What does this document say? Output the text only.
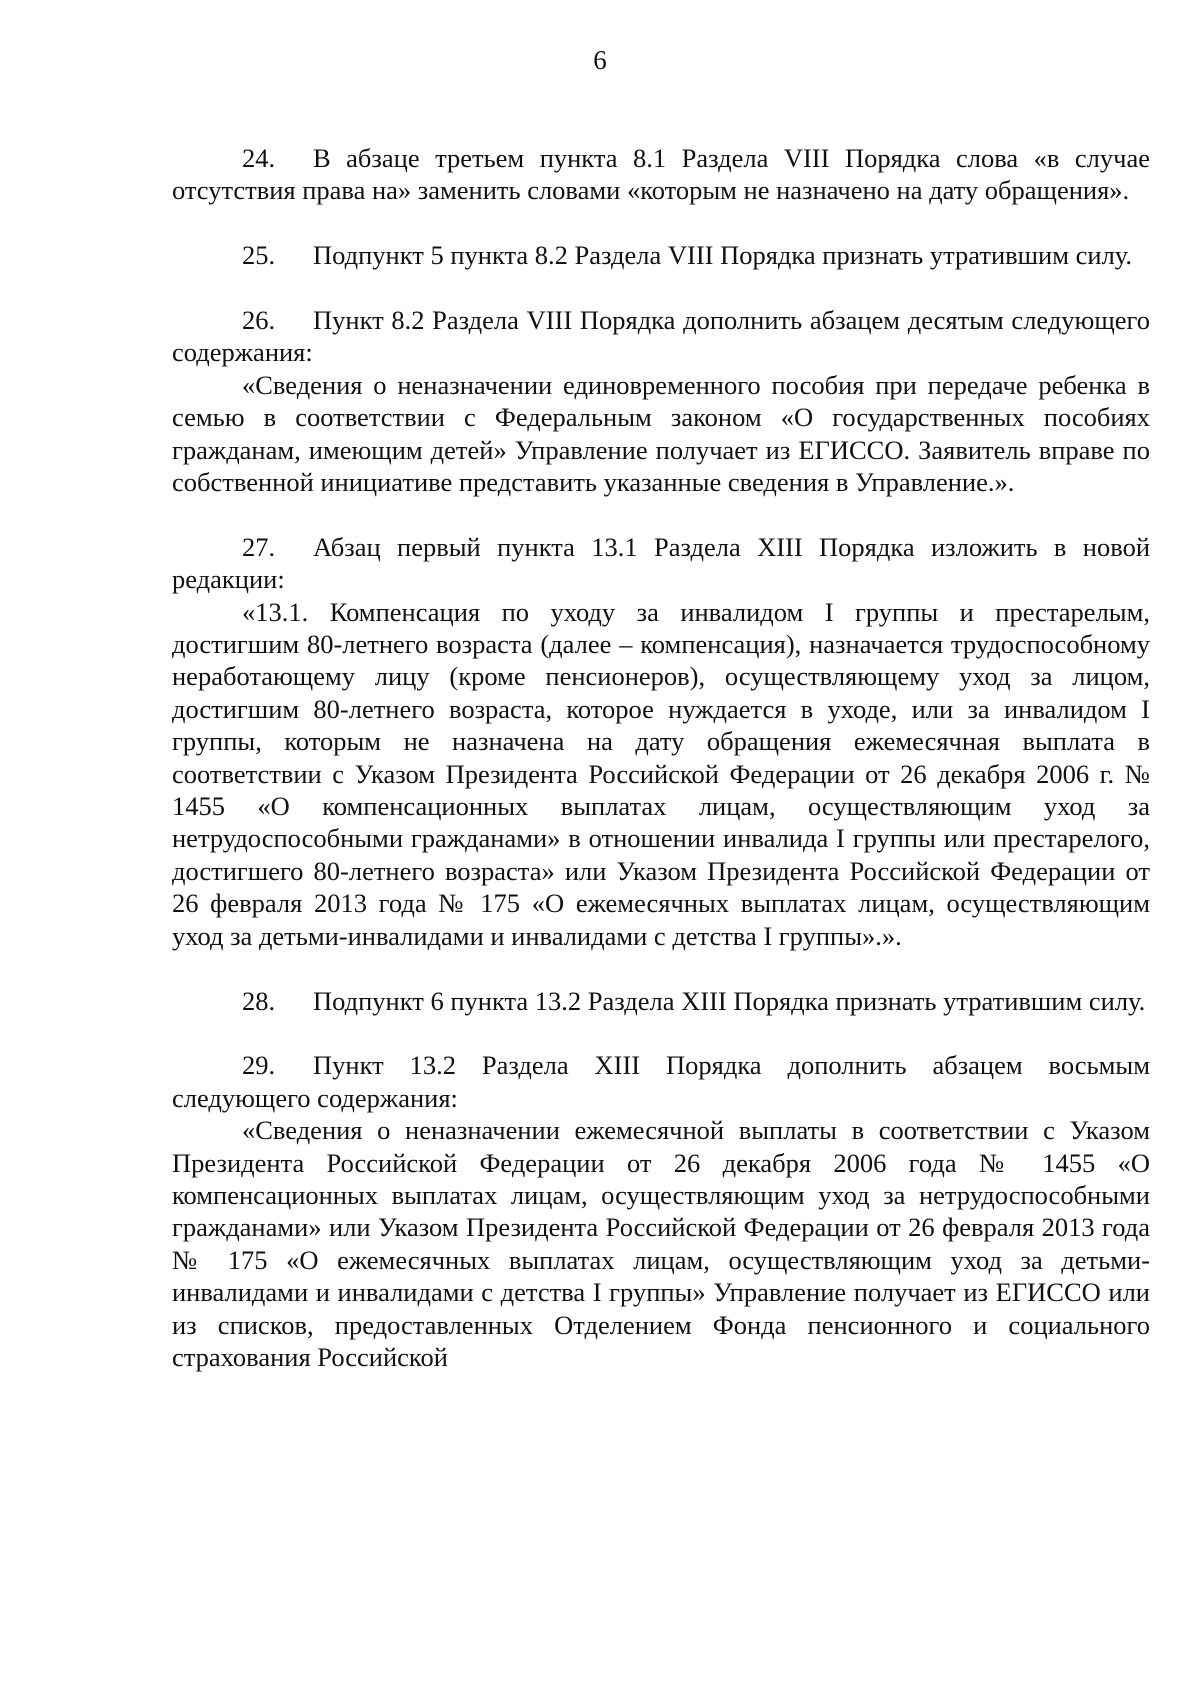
6

24. В абзаце третьем пункта 8.1 Раздела VIII Порядка слова «в случае отсутствия права на» заменить словами «которым не назначено на дату обращения».

25. Подпункт 5 пункта 8.2 Раздела VIII Порядка признать утратившим силу.

26. Пункт 8.2 Раздела VIII Порядка дополнить абзацем десятым следующего содержания:

«Сведения о неназначении единовременного пособия при передаче ребенка в семью в соответствии с Федеральным законом «О государственных пособиях гражданам, имеющим детей» Управление получает из ЕГИССО. Заявитель вправе по собственной инициативе представить указанные сведения в Управление.».

27. Абзац первый пункта 13.1 Раздела XIII Порядка изложить в новой редакции:

«13.1. Компенсация по уходу за инвалидом I группы и престарелым, достигшим 80-летнего возраста (далее – компенсация), назначается трудоспособному неработающему лицу (кроме пенсионеров), осуществляющему уход за лицом, достигшим 80-летнего возраста, которое нуждается в уходе, или за инвалидом I группы, которым не назначена на дату обращения ежемесячная выплата в соответствии с Указом Президента Российской Федерации от 26 декабря 2006 г. № 1455 «О компенсационных выплатах лицам, осуществляющим уход за нетрудоспособными гражданами» в отношении инвалида I группы или престарелого, достигшего 80-летнего возраста» или Указом Президента Российской Федерации от 26 февраля 2013 года № 175 «О ежемесячных выплатах лицам, осуществляющим уход за детьми-инвалидами и инвалидами с детства I группы».».

28. Подпункт 6 пункта 13.2 Раздела XIII Порядка признать утратившим силу.

29. Пункт 13.2 Раздела XIII Порядка дополнить абзацем восьмым следующего содержания:

«Сведения о неназначении ежемесячной выплаты в соответствии с Указом Президента Российской Федерации от 26 декабря 2006 года № 1455 «О компенсационных выплатах лицам, осуществляющим уход за нетрудоспособными гражданами» или Указом Президента Российской Федерации от 26 февраля 2013 года № 175 «О ежемесячных выплатах лицам, осуществляющим уход за детьми-инвалидами и инвалидами с детства I группы» Управление получает из ЕГИССО или из списков, предоставленных Отделением Фонда пенсионного и социального страхования Российской
